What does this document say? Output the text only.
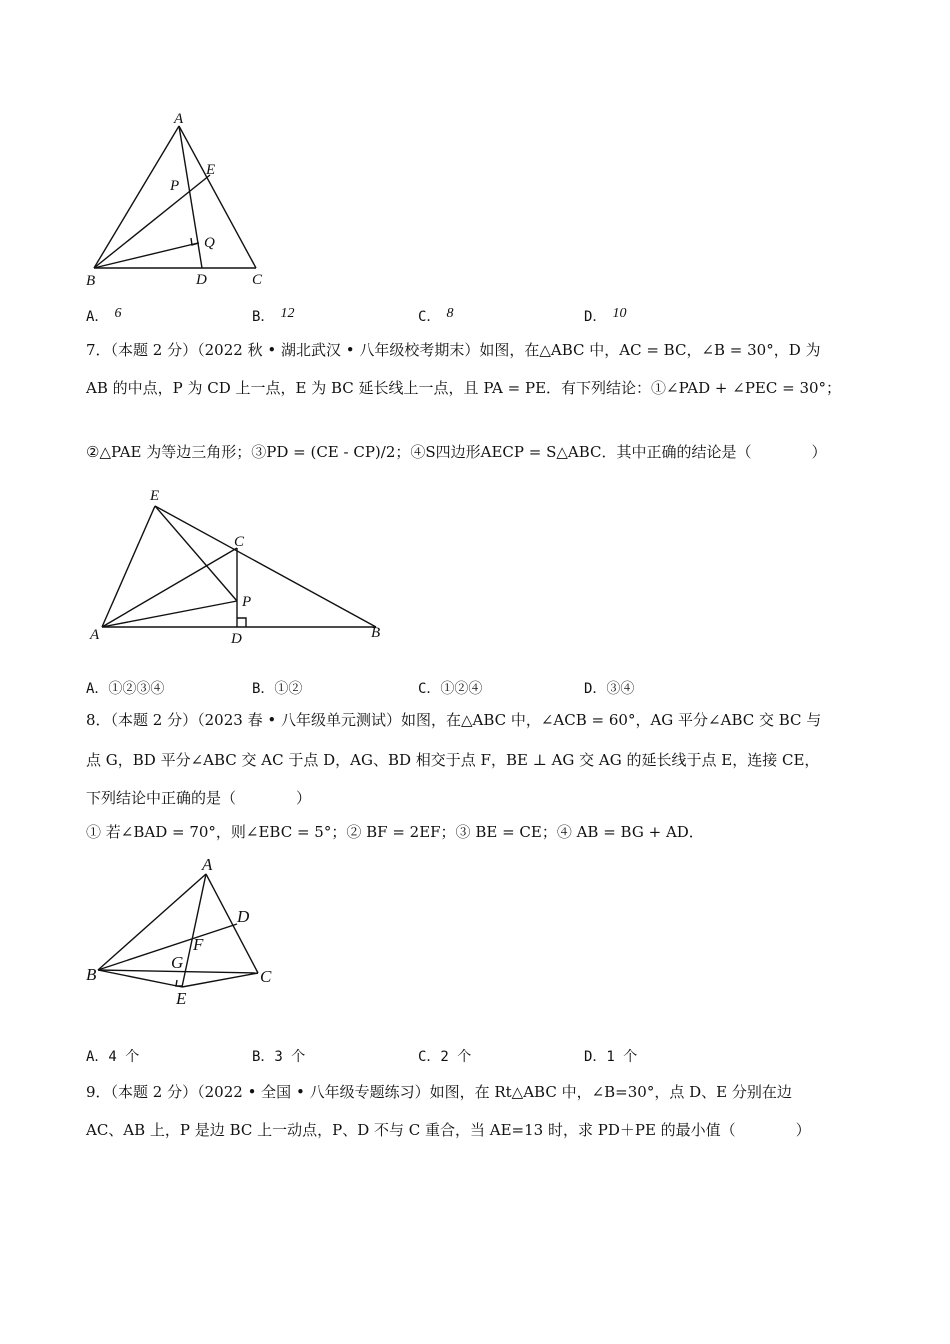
A
E
P
Q
B	D	C
A． 6	B． 12	C． 8	D． 10
7．（本题 2 分）（2022 秋 • 湖北武汉 • 八年级校考期末）如图，在△ABC 中，AC = BC，∠B = 30°，D 为
AB 的中点，P 为 CD 上一点，E 为 BC 延长线上一点，且 PA = PE．有下列结论：①∠PAD + ∠PEC = 30°；
②△PAE 为等边三角形；③PD = (CE - CP)/2；④S四边形AECP = S△ABC．其中正确的结论是（　　　　）
E
C
P
A	D	B
A．①②③④	B．①②	C．①②④	D．③④
8．（本题 2 分）（2023 春 • 八年级单元测试）如图，在△ABC 中，∠ACB = 60°，AG 平分∠ABC 交 BC 与
点 G，BD 平分∠ABC 交 AC 于点 D，AG、BD 相交于点 F，BE ⊥ AG 交 AG 的延长线于点 E，连接 CE，
下列结论中正确的是（　　　　）
① 若∠BAD = 70°，则∠EBC = 5°；② BF = 2EF；③ BE = CE；④ AB = BG + AD．
A
D
F
G
B	C
E
A．4 个	B．3 个	C．2 个	D．1 个
9．（本题 2 分）（2022 • 全国 • 八年级专题练习）如图，在 Rt△ABC 中，∠B=30°，点 D、E 分别在边
AC、AB 上，P 是边 BC 上一动点，P、D 不与 C 重合，当 AE=13 时，求 PD＋PE 的最小值（　　　　）
